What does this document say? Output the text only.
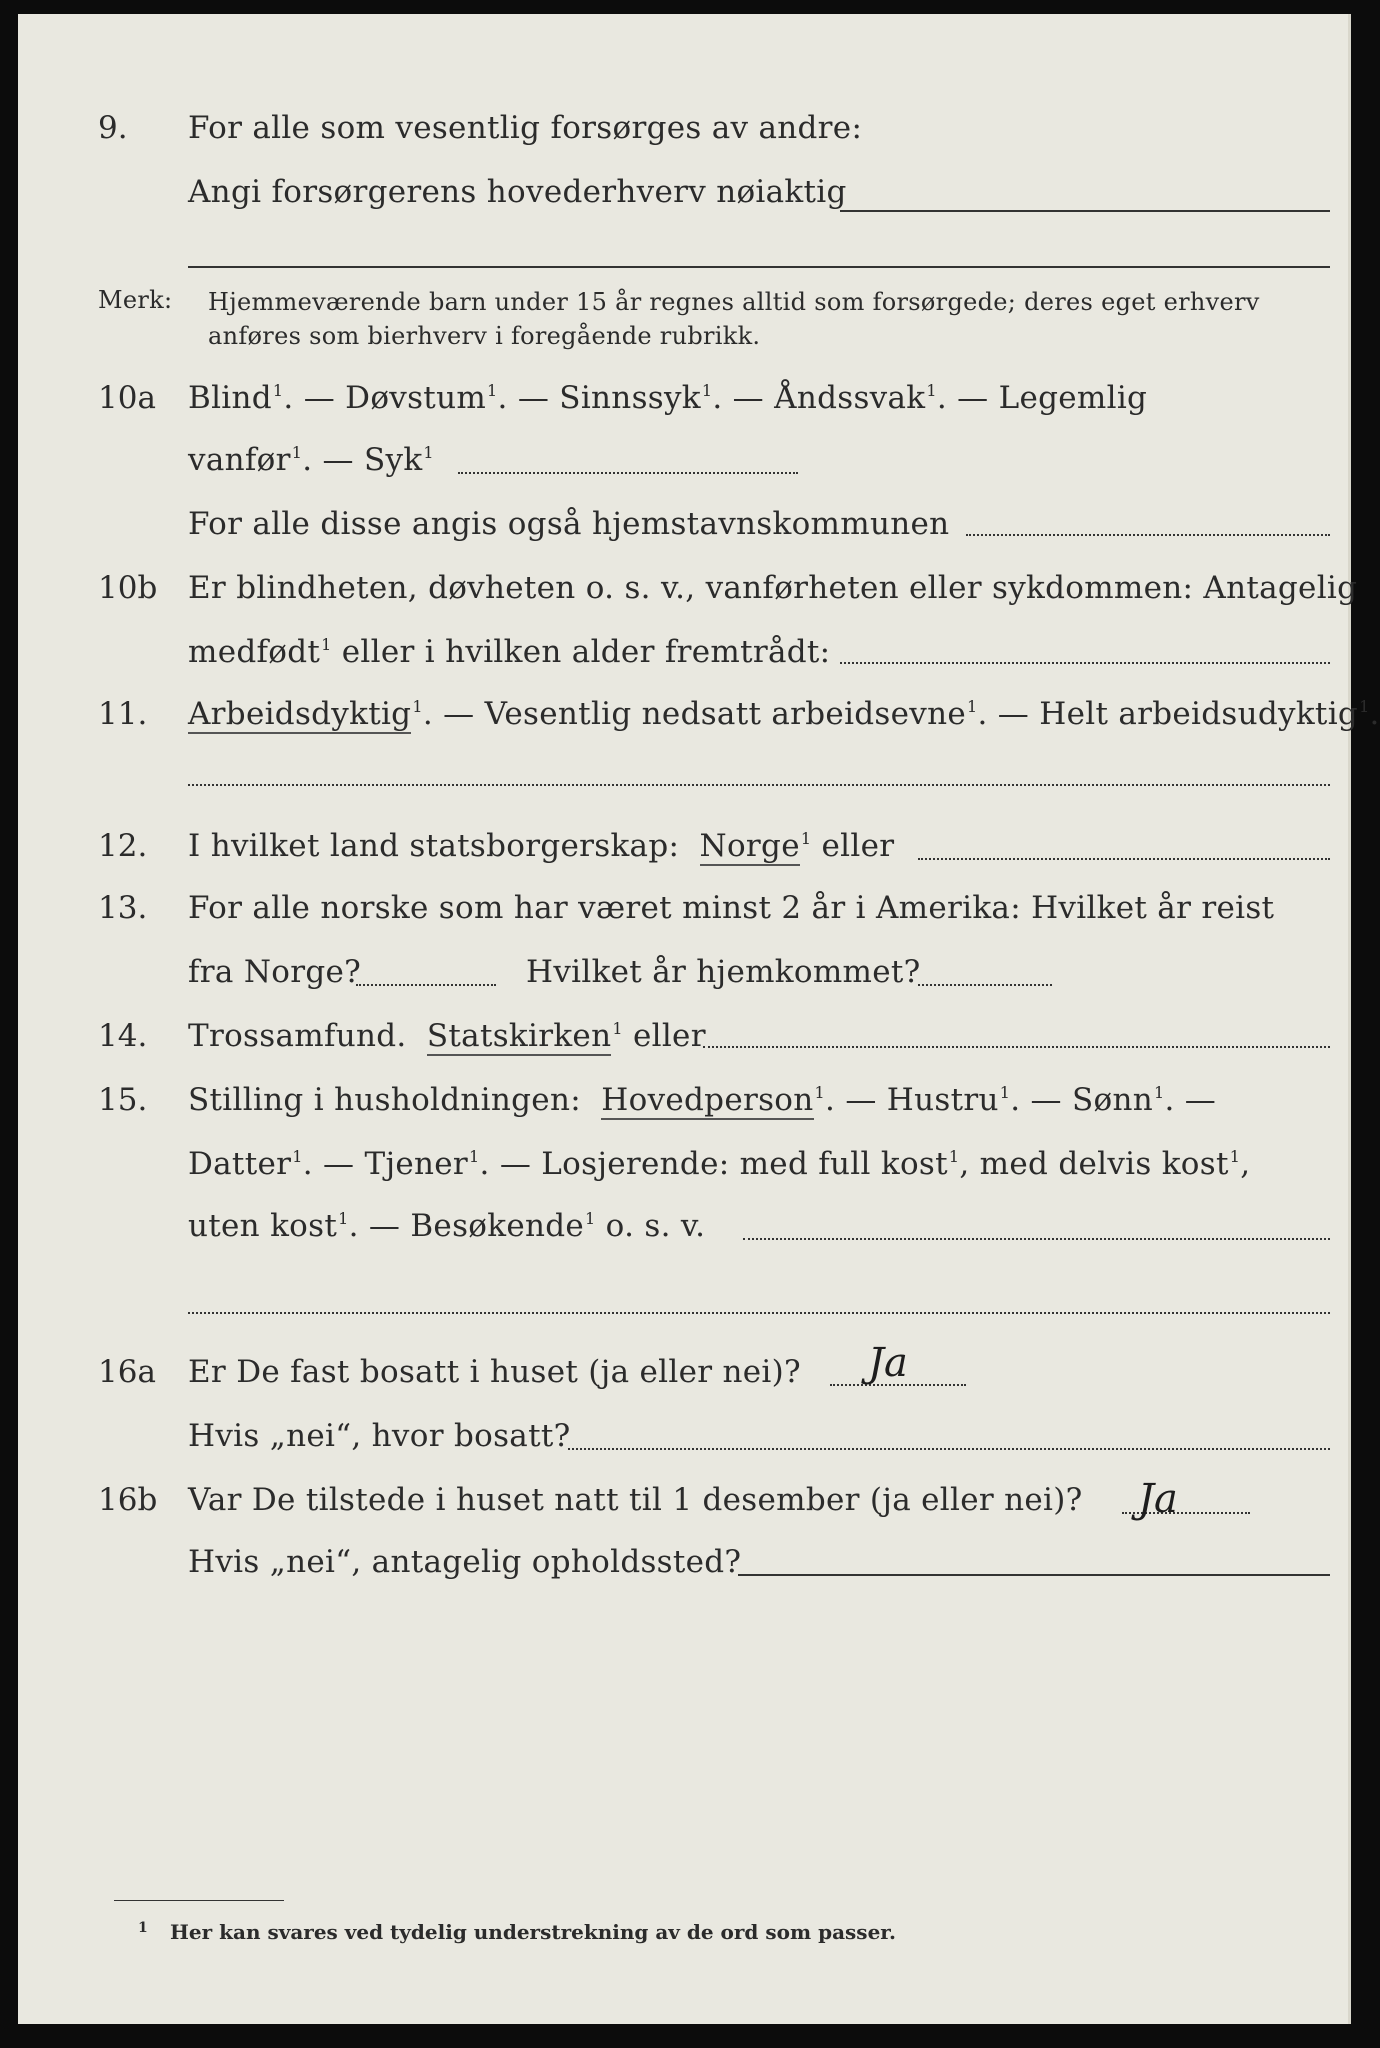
9. For alle som vesentlig forsørges av andre:
Angi forsørgerens hovederhverv nøiaktig
Merk: Hjemmeværende barn under 15 år regnes alltid som forsørgede; deres eget erhverv
anføres som bierhverv i foregående rubrikk.
10a Blind$^1$. — Døvstum$^1$. — Sinnssyk$^1$. — Åndssvak$^1$. — Legemlig
vanfør$^1$. — Syk$^1$
For alle disse angis også hjemstavnskommunen
10b Er blindheten, døvheten o. s. v., vanførheten eller sykdommen: Antagelig
medfødt$^1$ eller i hvilken alder fremtrådt:
11. Arbeidsdyktig$^1$. — Vesentlig nedsatt arbeidsevne$^1$. — Helt arbeidsudyktig$^1$.
12. I hvilket land statsborgerskap: Norge$^1$ eller
13. For alle norske som har været minst 2 år i Amerika: Hvilket år reist
fra Norge?	Hvilket år hjemkommet?
14. Trossamfund. Statskirken$^1$ eller
15. Stilling i husholdningen: Hovedperson$^1$. — Hustru$^1$. — Sønn$^1$. —
Datter$^1$. — Tjener$^1$. — Losjerende: med full kost$^1$, med delvis kost$^1$,
uten kost$^1$. — Besøkende$^1$ o. s. v.
16a Er De fast bosatt i huset (ja eller nei)? Ja
Hvis „nei“, hvor bosatt?
16b Var De tilstede i huset natt til 1 desember (ja eller nei)? Ja
Hvis „nei“, antagelig opholdssted?
1 Her kan svares ved tydelig understrekning av de ord som passer.
